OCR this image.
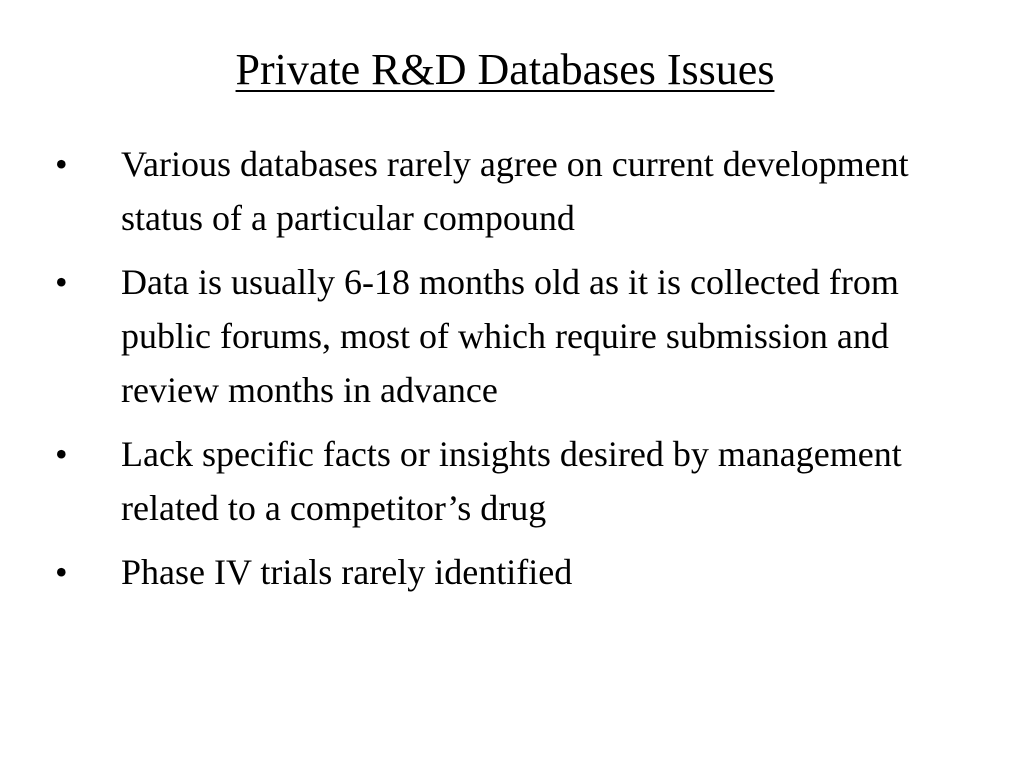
Private R&D Databases Issues
• Various databases rarely agree on current development status of a particular compound
• Data is usually 6-18 months old as it is collected from public forums, most of which require submission and review months in advance
• Lack specific facts or insights desired by management related to a competitor’s drug
• Phase IV trials rarely identified
